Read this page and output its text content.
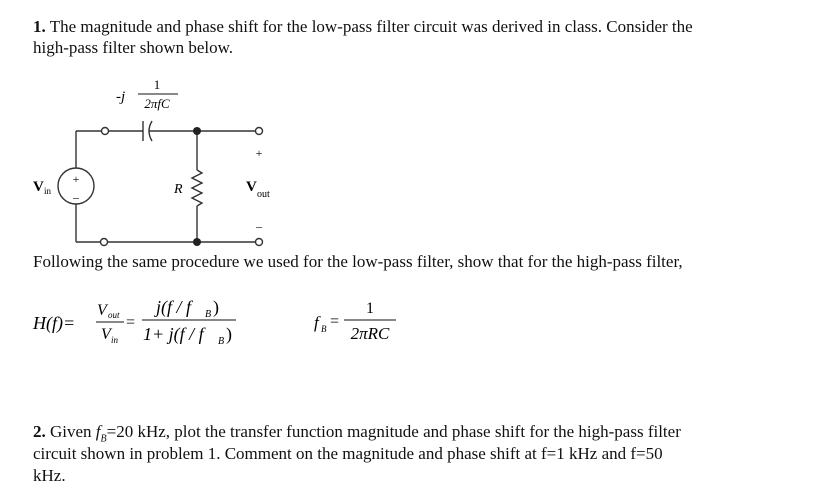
1. The magnitude and phase shift for the low-pass filter circuit was derived in class. Consider the
high-pass filter shown below.
-j
1
2πfC
+
–
V in	R
+
V out
–
Following the same procedure we used for the low-pass filter, show that for the high-pass filter,
H(f)=
V out
V in
=
j(f / f B )
1+ j(f / f B )
f B =
1
2πRC
2. Given $f_B=20$ kHz, plot the transfer function magnitude and phase shift for the high-pass filter
circuit shown in problem 1. Comment on the magnitude and phase shift at f=1 kHz and f=50
kHz.
